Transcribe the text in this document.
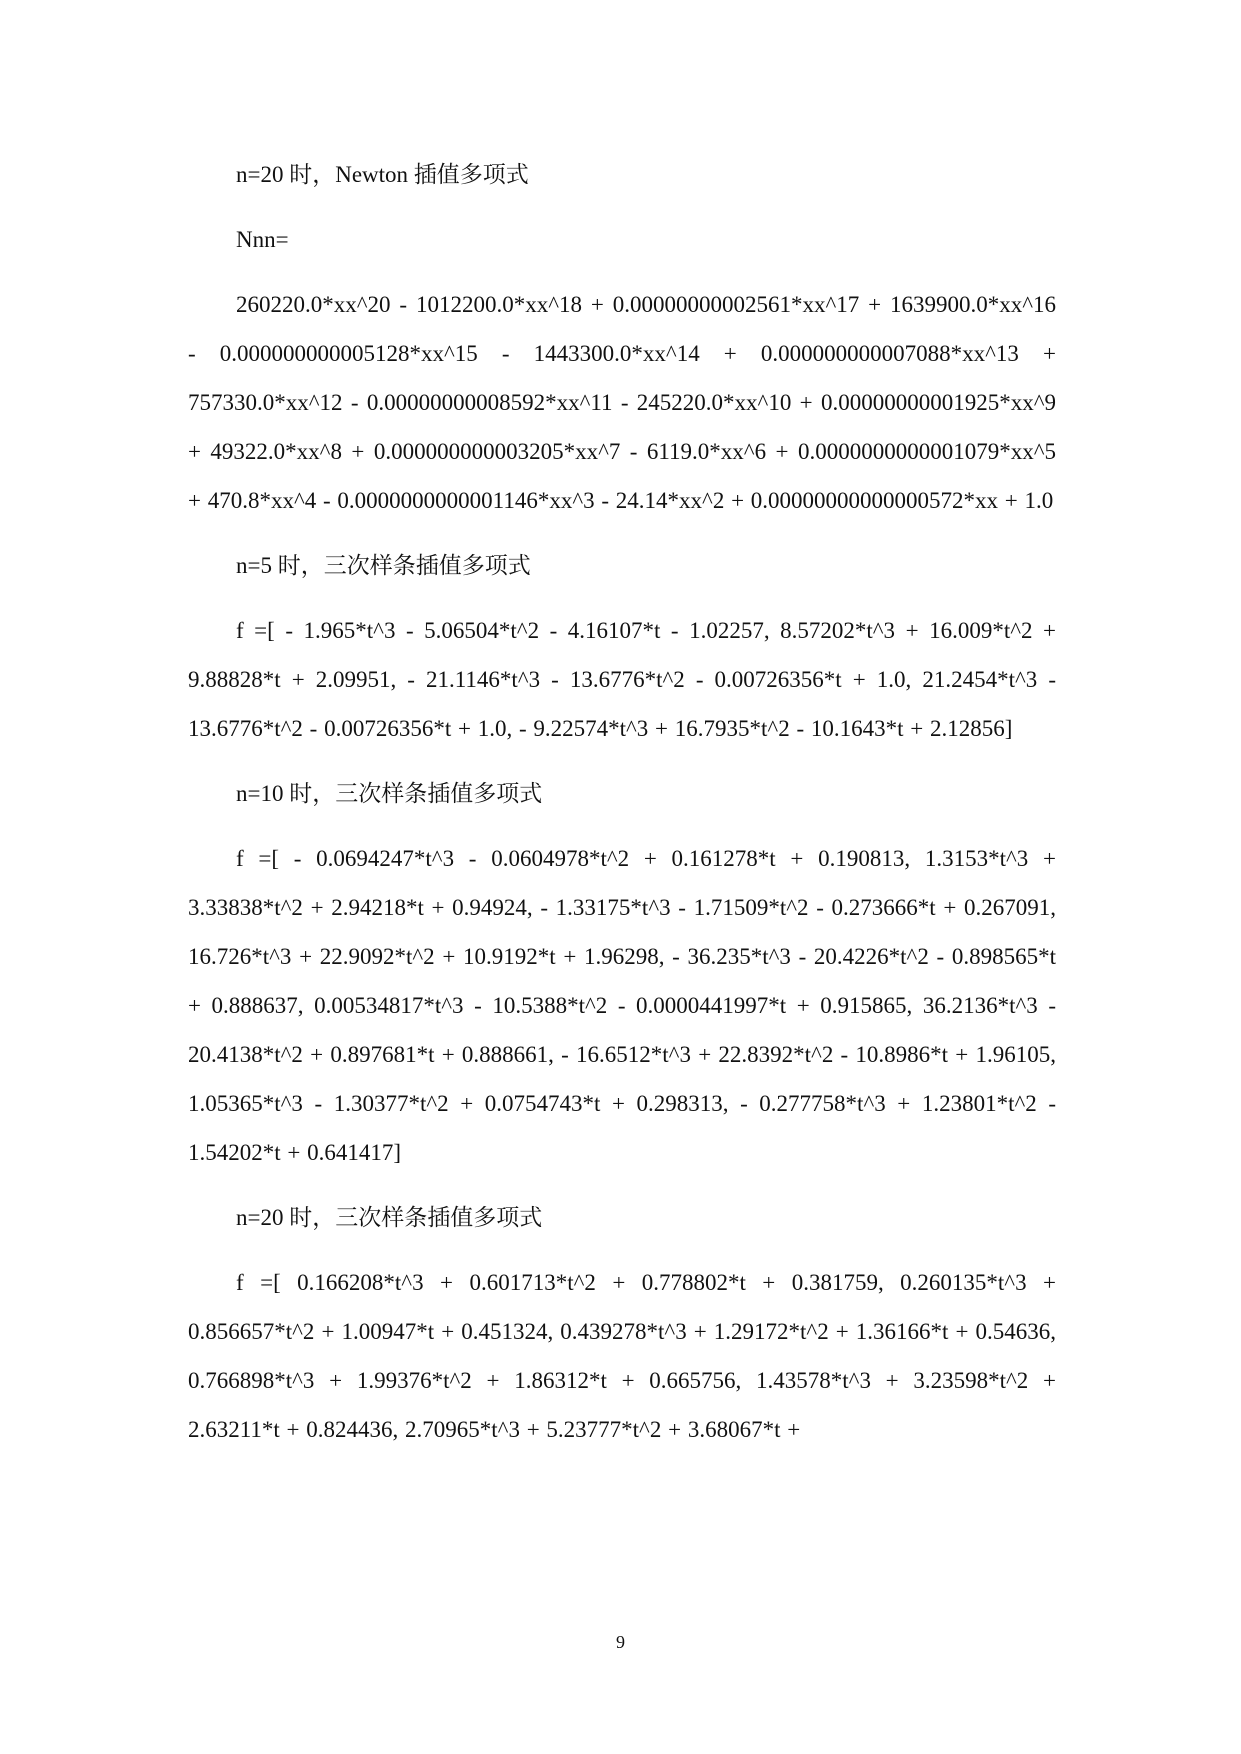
n=20 时，Newton 插值多项式

Nnn=

260220.0*xx^20 - 1012200.0*xx^18 + 0.00000000002561*xx^17 + 1639900.0*xx^16 - 0.000000000005128*xx^15 - 1443300.0*xx^14 + 0.000000000007088*xx^13 + 757330.0*xx^12 - 0.00000000008592*xx^11 - 245220.0*xx^10 + 0.00000000001925*xx^9 + 49322.0*xx^8 + 0.000000000003205*xx^7 - 6119.0*xx^6 + 0.0000000000001079*xx^5 + 470.8*xx^4 - 0.0000000000001146*xx^3 - 24.14*xx^2 + 0.00000000000000572*xx + 1.0

n=5 时，三次样条插值多项式

f =[ - 1.965*t^3 - 5.06504*t^2 - 4.16107*t - 1.02257, 8.57202*t^3 + 16.009*t^2 + 9.88828*t + 2.09951, - 21.1146*t^3 - 13.6776*t^2 - 0.00726356*t + 1.0, 21.2454*t^3 - 13.6776*t^2 - 0.00726356*t + 1.0, - 9.22574*t^3 + 16.7935*t^2 - 10.1643*t + 2.12856]

n=10 时，三次样条插值多项式

f =[ - 0.0694247*t^3 - 0.0604978*t^2 + 0.161278*t + 0.190813, 1.3153*t^3 + 3.33838*t^2 + 2.94218*t + 0.94924, - 1.33175*t^3 - 1.71509*t^2 - 0.273666*t + 0.267091, 16.726*t^3 + 22.9092*t^2 + 10.9192*t + 1.96298, - 36.235*t^3 - 20.4226*t^2 - 0.898565*t + 0.888637, 0.00534817*t^3 - 10.5388*t^2 - 0.0000441997*t + 0.915865, 36.2136*t^3 - 20.4138*t^2 + 0.897681*t + 0.888661, - 16.6512*t^3 + 22.8392*t^2 - 10.8986*t + 1.96105, 1.05365*t^3 - 1.30377*t^2 + 0.0754743*t + 0.298313, - 0.277758*t^3 + 1.23801*t^2 - 1.54202*t + 0.641417]

n=20 时，三次样条插值多项式

f =[ 0.166208*t^3 + 0.601713*t^2 + 0.778802*t + 0.381759, 0.260135*t^3 + 0.856657*t^2 + 1.00947*t + 0.451324, 0.439278*t^3 + 1.29172*t^2 + 1.36166*t + 0.54636, 0.766898*t^3 + 1.99376*t^2 + 1.86312*t + 0.665756, 1.43578*t^3 + 3.23598*t^2 + 2.63211*t + 0.824436, 2.70965*t^3 + 5.23777*t^2 + 3.68067*t +

9
